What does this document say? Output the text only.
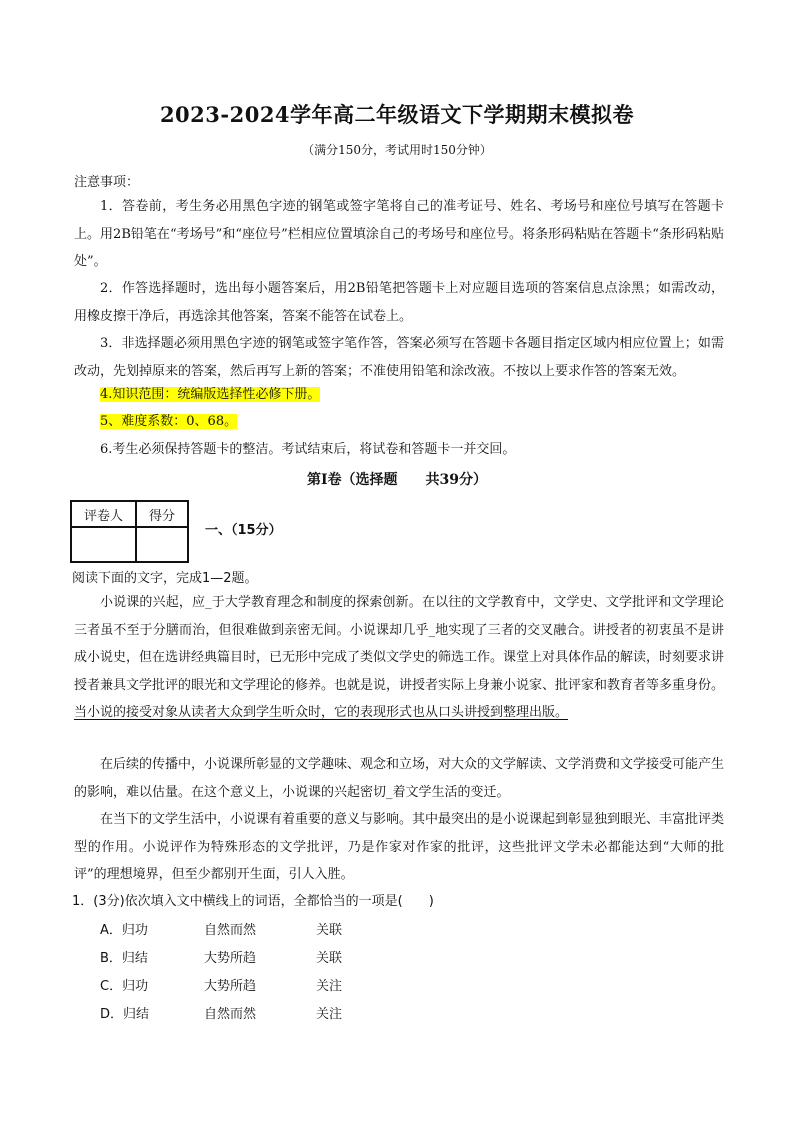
2023-2024学年高二年级语文下学期期末模拟卷
（满分150分，考试用时150分钟）
注意事项：
1．答卷前，考生务必用黑色字迹的钢笔或签字笔将自己的准考证号、姓名、考场号和座位号填写在答题卡上。用2B铅笔在“考场号”和“座位号”栏相应位置填涂自己的考场号和座位号。将条形码粘贴在答题卡“条形码粘贴处”。
2．作答选择题时，选出每小题答案后，用2B铅笔把答题卡上对应题目选项的答案信息点涂黑；如需改动，用橡皮擦干净后，再选涂其他答案，答案不能答在试卷上。
3．非选择题必须用黑色字迹的钢笔或签字笔作答，答案必须写在答题卡各题目指定区域内相应位置上；如需改动，先划掉原来的答案，然后再写上新的答案；不准使用铅笔和涂改液。不按以上要求作答的答案无效。
4.知识范围：统编版选择性必修下册。
5、难度系数：0、68。
6.考生必须保持答题卡的整洁。考试结束后，将试卷和答题卡一并交回。
第Ⅰ卷（选择题　　共39分）
评卷人	得分

一、（15分）
阅读下面的文字，完成1—2题。
小说课的兴起，应_于大学教育理念和制度的探索创新。在以往的文学教育中，文学史、文学批评和文学理论三者虽不至于分膳而治，但很难做到亲密无间。小说课却几乎_地实现了三者的交叉融合。讲授者的初衷虽不是讲成小说史，但在选讲经典篇目时，已无形中完成了类似文学史的筛选工作。课堂上对具体作品的解读，时刻要求讲授者兼具文学批评的眼光和文学理论的修养。也就是说，讲授者实际上身兼小说家、批评家和教育者等多重身份。当小说的接受对象从读者大众到学生听众时，它的表现形式也从口头讲授到整理出版。
在后续的传播中，小说课所彰显的文学趣味、观念和立场，对大众的文学解读、文学消费和文学接受可能产生的影响，难以估量。在这个意义上，小说课的兴起密切_着文学生活的变迁。
在当下的文学生活中，小说课有着重要的意义与影响。其中最突出的是小说课起到彰显独到眼光、丰富批评类型的作用。小说评作为特殊形态的文学批评，乃是作家对作家的批评，这些批评文学未必都能达到“大师的批评”的理想境界，但至少都别开生面，引人入胜。
1．(3分)依次填入文中横线上的词语，全都恰当的一项是(　　)
A．归功	自然而然	关联
B．归结	大势所趋	关联
C．归功	大势所趋	关注
D．归结	自然而然	关注
